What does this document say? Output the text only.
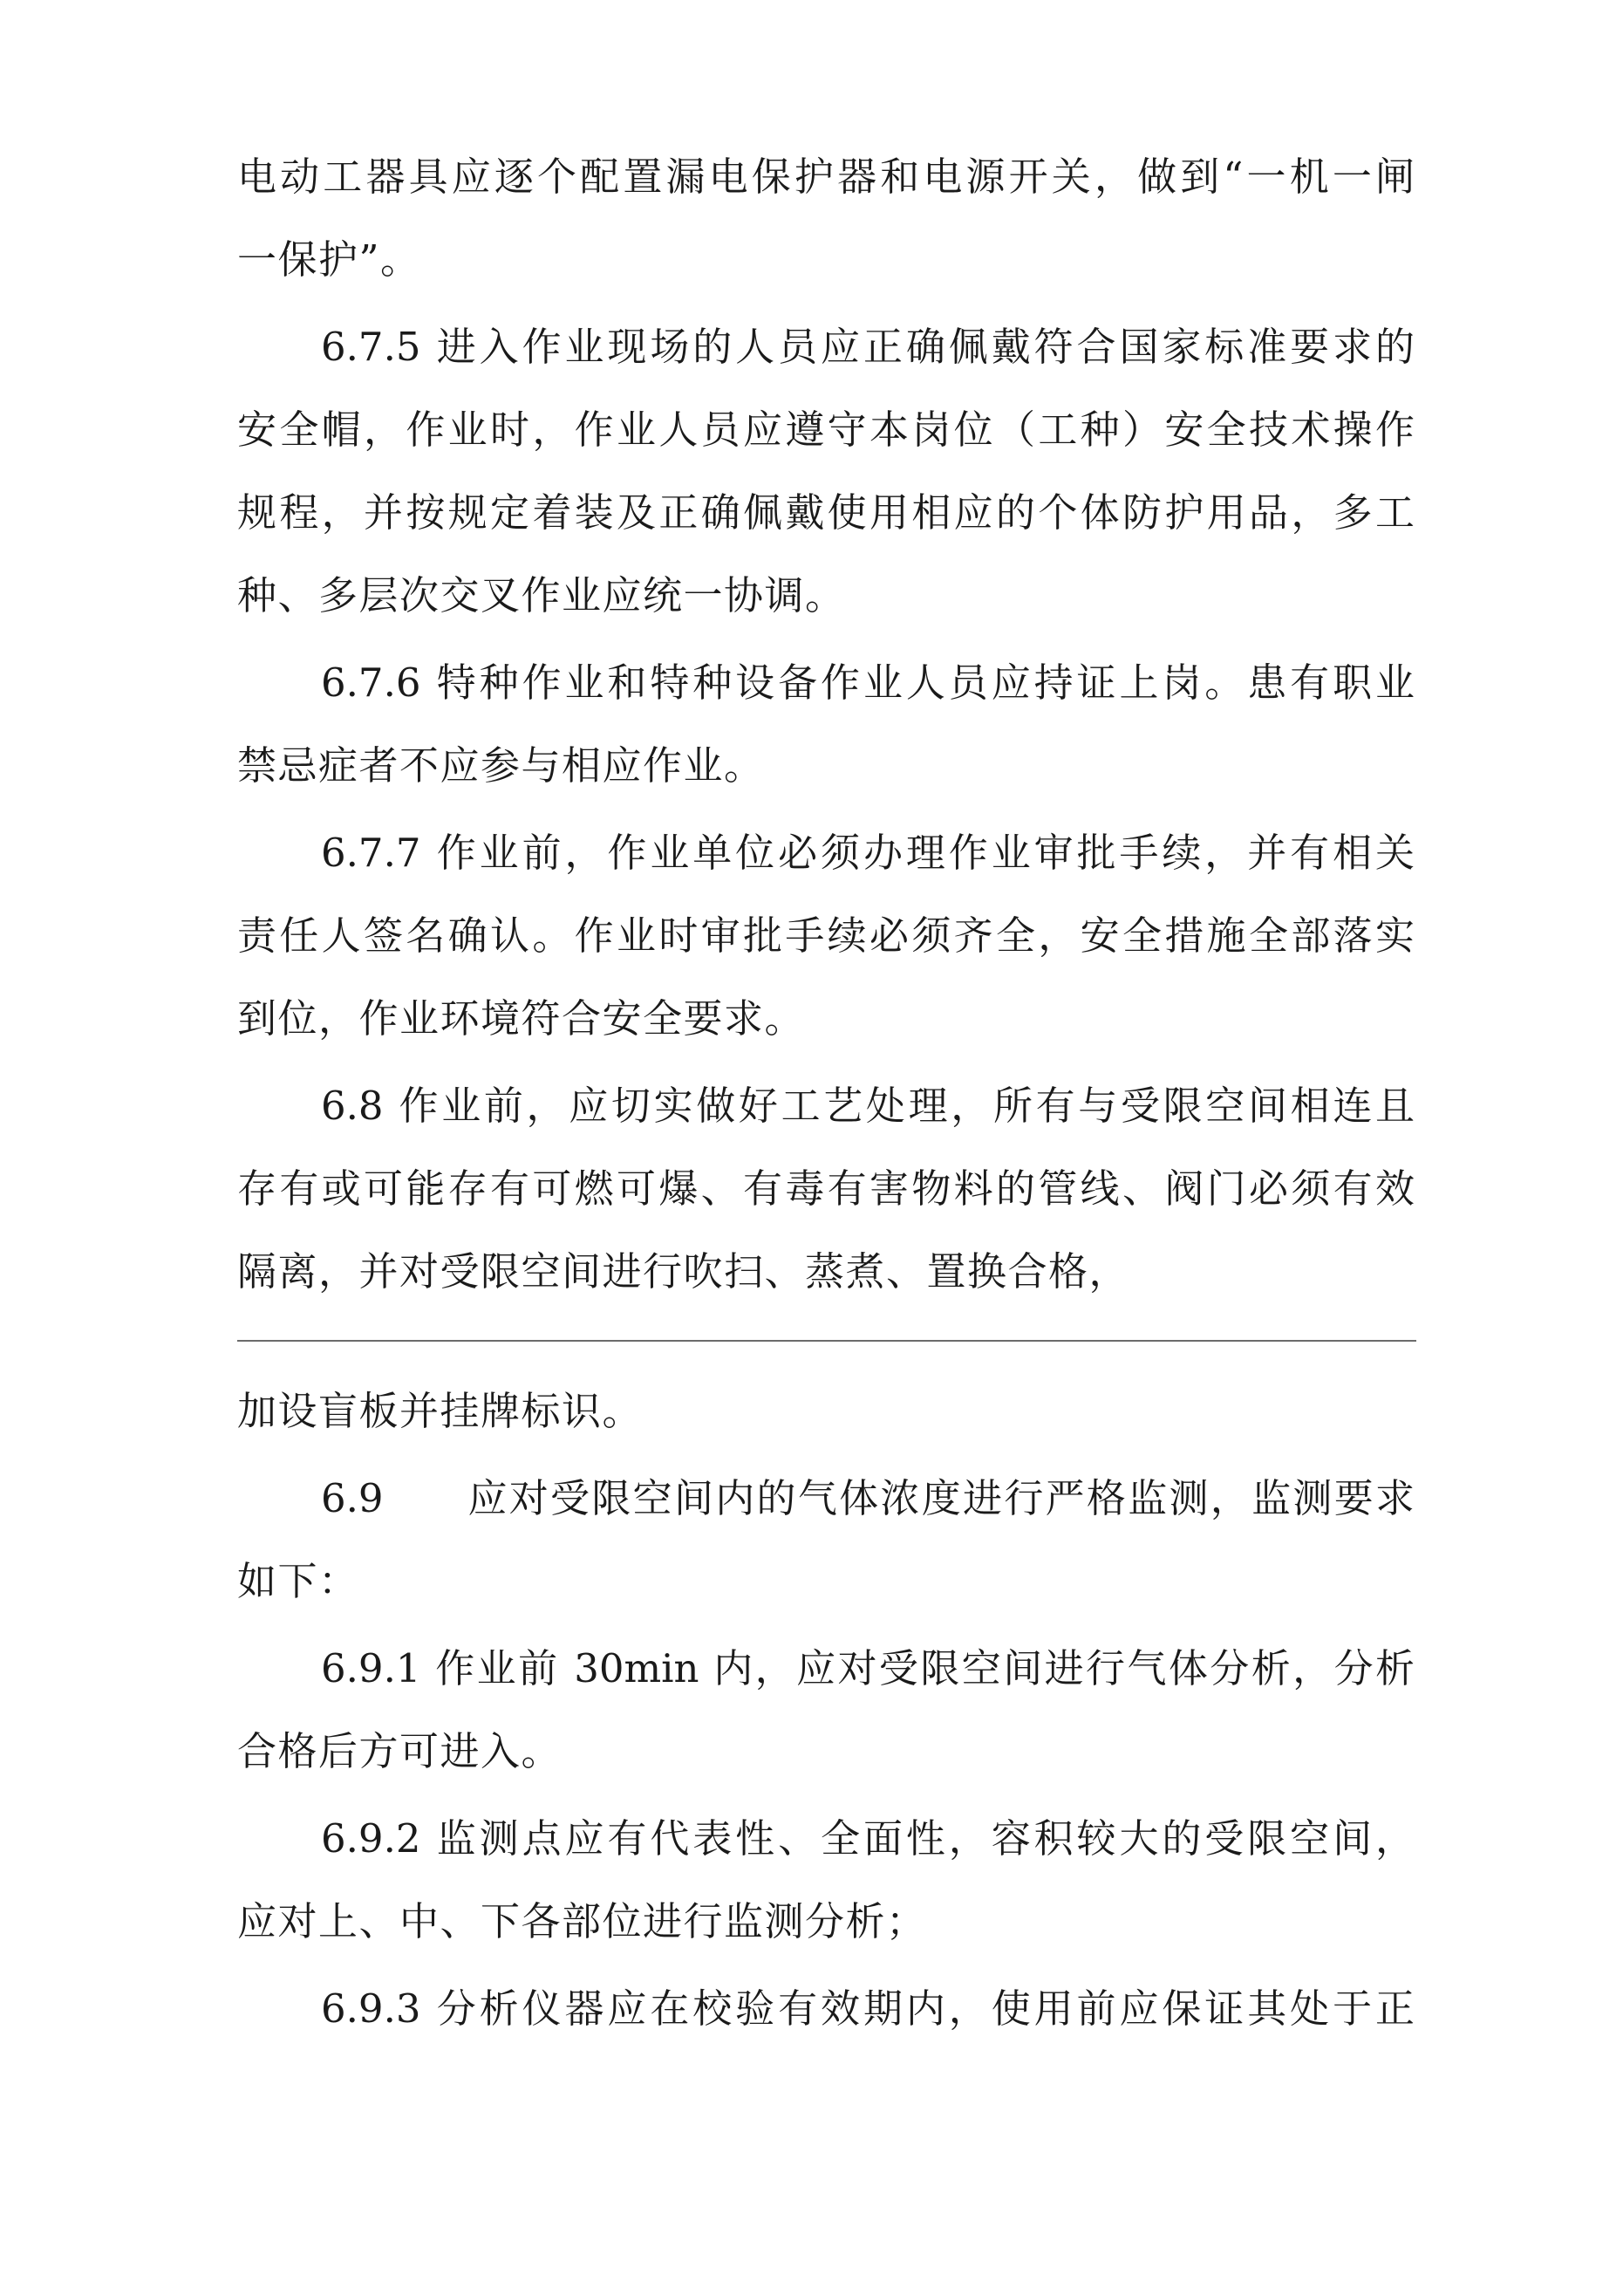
电动工器具应逐个配置漏电保护器和电源开关，做到“一机一闸
一保护”。
6.7.5 进入作业现场的人员应正确佩戴符合国家标准要求的
安全帽，作业时，作业人员应遵守本岗位（工种）安全技术操作
规程，并按规定着装及正确佩戴使用相应的个体防护用品，多工
种、多层次交叉作业应统一协调。
6.7.6 特种作业和特种设备作业人员应持证上岗。患有职业
禁忌症者不应参与相应作业。
6.7.7 作业前，作业单位必须办理作业审批手续，并有相关
责任人签名确认。作业时审批手续必须齐全，安全措施全部落实
到位，作业环境符合安全要求。
6.8 作业前，应切实做好工艺处理，所有与受限空间相连且
存有或可能存有可燃可爆、有毒有害物料的管线、阀门必须有效
隔离，并对受限空间进行吹扫、蒸煮、置换合格，
加设盲板并挂牌标识。
6.9　　应对受限空间内的气体浓度进行严格监测，监测要求
如下：
6.9.1 作业前 30min 内，应对受限空间进行气体分析，分析
合格后方可进入。
6.9.2 监测点应有代表性、全面性，容积较大的受限空间，
应对上、中、下各部位进行监测分析；
6.9.3 分析仪器应在校验有效期内，使用前应保证其处于正
